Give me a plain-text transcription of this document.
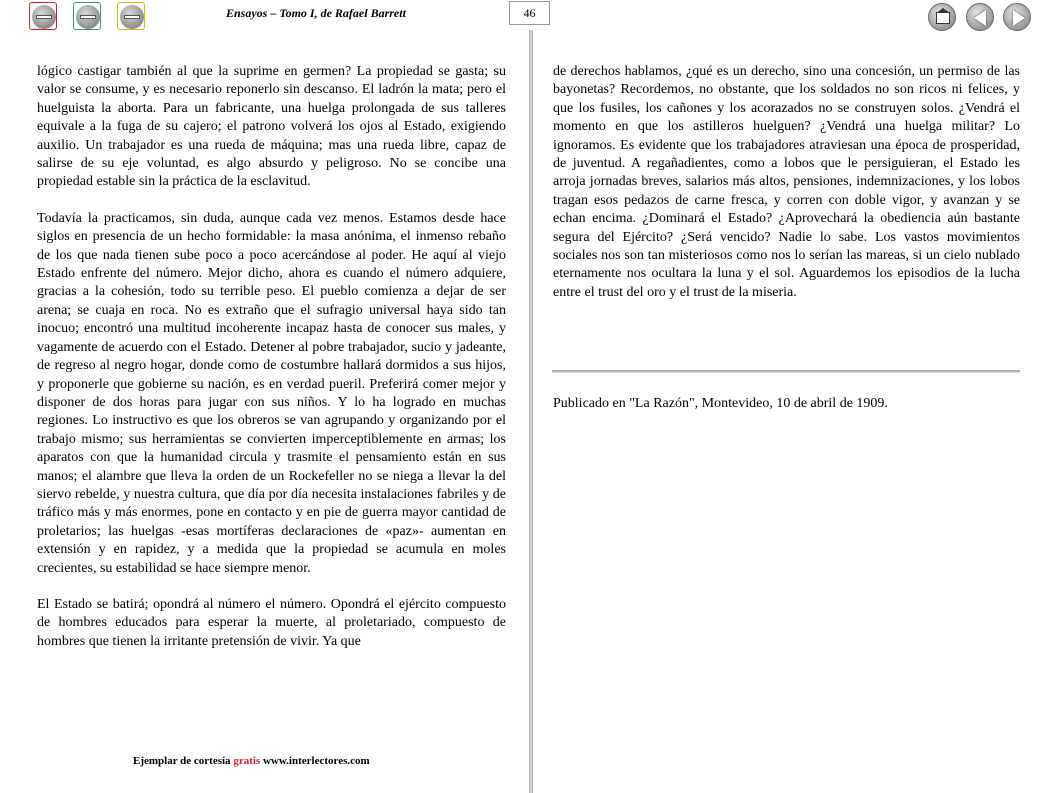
Ensayos – Tomo I, de Rafael Barrett	46

lógico castigar también al que la suprime en germen? La propiedad se gasta; su valor se consume, y es necesario reponerlo sin descanso. El ladrón la mata; pero el huelguista la aborta. Para un fabricante, una huelga prolongada de sus talleres equivale a la fuga de su cajero; el patrono volverá los ojos al Estado, exigiendo auxilio. Un trabajador es una rueda de máquina; mas una rueda libre, capaz de salirse de su eje voluntad, es algo absurdo y peligroso. No se concibe una propiedad estable sin la práctica de la esclavitud.

Todavía la practicamos, sin duda, aunque cada vez menos. Estamos desde hace siglos en presencia de un hecho formidable: la masa anónima, el inmenso rebaño de los que nada tienen sube poco a poco acercándose al poder. He aquí al viejo Estado enfrente del número. Mejor dicho, ahora es cuando el número adquiere, gracias a la cohesión, todo su terrible peso. El pueblo comienza a dejar de ser arena; se cuaja en roca. No es extraño que el sufragio universal haya sido tan inocuo; encontró una multitud incoherente incapaz hasta de conocer sus males, y vagamente de acuerdo con el Estado. Detener al pobre trabajador, sucio y jadeante, de regreso al negro hogar, donde como de costumbre hallará dormidos a sus hijos, y proponerle que gobierne su nación, es en verdad pueril. Preferirá comer mejor y disponer de dos horas para jugar con sus niños. Y lo ha logrado en muchas regiones. Lo instructivo es que los obreros se van agrupando y organizando por el trabajo mismo; sus herramientas se convierten imperceptiblemente en armas; los aparatos con que la humanidad circula y trasmite el pensamiento están en sus manos; el alambre que lleva la orden de un Rockefeller no se niega a llevar la del siervo rebelde, y nuestra cultura, que día por día necesita instalaciones fabriles y de tráfico más y más enormes, pone en contacto y en pie de guerra mayor cantidad de proletarios; las huelgas -esas mortíferas declaraciones de «paz»- aumentan en extensión y en rapidez, y a medida que la propiedad se acumula en moles crecientes, su estabilidad se hace siempre menor.

El Estado se batirá; opondrá al número el número. Opondrá el ejército compuesto de hombres educados para esperar la muerte, al proletariado, compuesto de hombres que tienen la irritante pretensión de vivir. Ya que

de derechos hablamos, ¿qué es un derecho, sino una concesión, un permiso de las bayonetas? Recordemos, no obstante, que los soldados no son ricos ni felices, y que los fusiles, los cañones y los acorazados no se construyen solos. ¿Vendrá el momento en que los astilleros huelguen? ¿Vendrá una huelga militar? Lo ignoramos. Es evidente que los trabajadores atraviesan una época de prosperidad, de juventud. A regañadientes, como a lobos que le persiguieran, el Estado les arroja jornadas breves, salarios más altos, pensiones, indemnizaciones, y los lobos tragan esos pedazos de carne fresca, y corren con doble vigor, y avanzan y se echan encima. ¿Dominará el Estado? ¿Aprovechará la obediencia aún bastante segura del Ejército? ¿Será vencido? Nadie lo sabe. Los vastos movimientos sociales nos son tan misteriosos como nos lo serían las mareas, si un cielo nublado eternamente nos ocultara la luna y el sol. Aguardemos los episodios de la lucha entre el trust del oro y el trust de la miseria.

Publicado en "La Razón", Montevideo, 10 de abril de 1909.
Ejemplar de cortesía gratis www.interlectores.com
